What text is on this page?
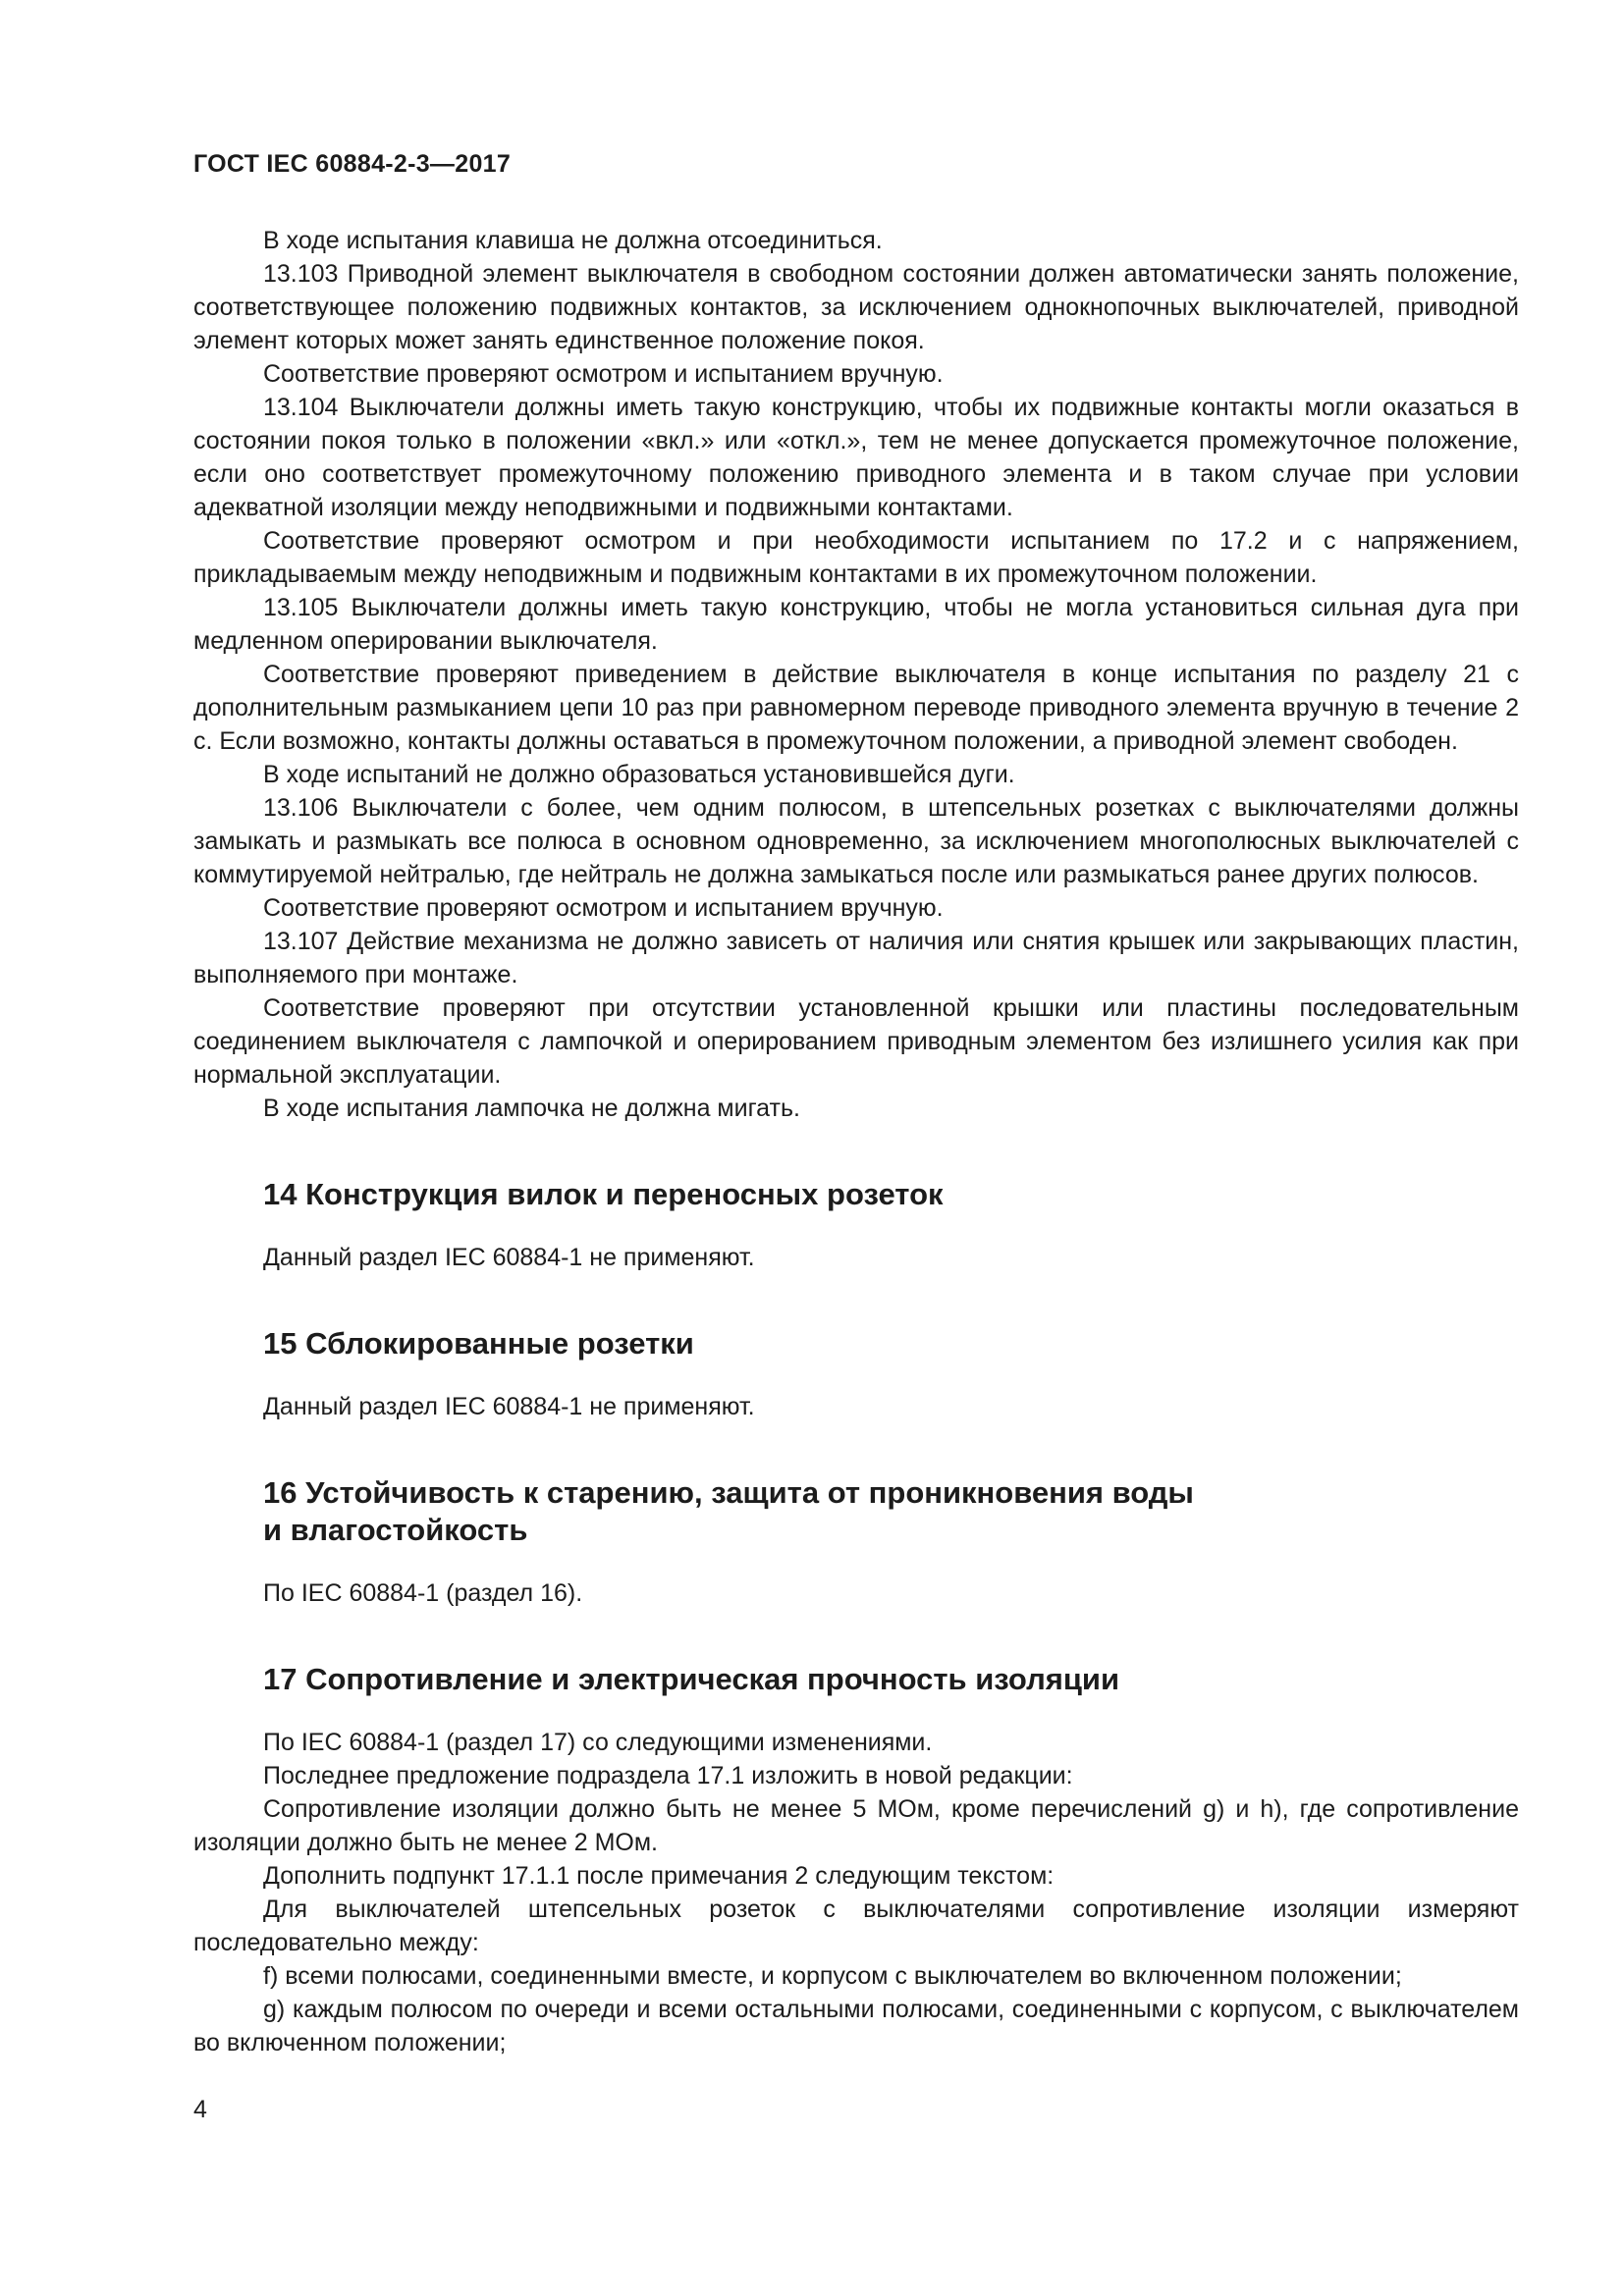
ГОСТ IEC 60884-2-3—2017

В ходе испытания клавиша не должна отсоединиться.

13.103 Приводной элемент выключателя в свободном состоянии должен автоматически занять положение, соответствующее положению подвижных контактов, за исключением однокнопочных выключателей, приводной элемент которых может занять единственное положение покоя.

Соответствие проверяют осмотром и испытанием вручную.

13.104 Выключатели должны иметь такую конструкцию, чтобы их подвижные контакты могли оказаться в состоянии покоя только в положении «вкл.» или «откл.», тем не менее допускается промежуточное положение, если оно соответствует промежуточному положению приводного элемента и в таком случае при условии адекватной изоляции между неподвижными и подвижными контактами.

Соответствие проверяют осмотром и при необходимости испытанием по 17.2 и с напряжением, прикладываемым между неподвижным и подвижным контактами в их промежуточном положении.

13.105 Выключатели должны иметь такую конструкцию, чтобы не могла установиться сильная дуга при медленном оперировании выключателя.

Соответствие проверяют приведением в действие выключателя в конце испытания по разделу 21 с дополнительным размыканием цепи 10 раз при равномерном переводе приводного элемента вручную в течение 2 с. Если возможно, контакты должны оставаться в промежуточном положении, а приводной элемент свободен.

В ходе испытаний не должно образоваться установившейся дуги.

13.106 Выключатели с более, чем одним полюсом, в штепсельных розетках с выключателями должны замыкать и размыкать все полюса в основном одновременно, за исключением многополюсных выключателей с коммутируемой нейтралью, где нейтраль не должна замыкаться после или размыкаться ранее других полюсов.

Соответствие проверяют осмотром и испытанием вручную.

13.107 Действие механизма не должно зависеть от наличия или снятия крышек или закрывающих пластин, выполняемого при монтаже.

Соответствие проверяют при отсутствии установленной крышки или пластины последовательным соединением выключателя с лампочкой и оперированием приводным элементом без излишнего усилия как при нормальной эксплуатации.

В ходе испытания лампочка не должна мигать.

14 Конструкция вилок и переносных розеток

Данный раздел IEC 60884-1 не применяют.

15 Сблокированные розетки

Данный раздел IEC 60884-1 не применяют.

16 Устойчивость к старению, защита от проникновения воды
и влагостойкость

По IEC 60884-1 (раздел 16).

17 Сопротивление и электрическая прочность изоляции

По IEC 60884-1 (раздел 17) со следующими изменениями.

Последнее предложение подраздела 17.1 изложить в новой редакции:

Сопротивление изоляции должно быть не менее 5 МОм, кроме перечислений g) и h), где сопротивление изоляции должно быть не менее 2 МОм.

Дополнить подпункт 17.1.1 после примечания 2 следующим текстом:

Для выключателей штепсельных розеток с выключателями сопротивление изоляции измеряют последовательно между:

f) всеми полюсами, соединенными вместе, и корпусом с выключателем во включенном положении;

g) каждым полюсом по очереди и всеми остальными полюсами, соединенными с корпусом, с выключателем во включенном положении;

4
